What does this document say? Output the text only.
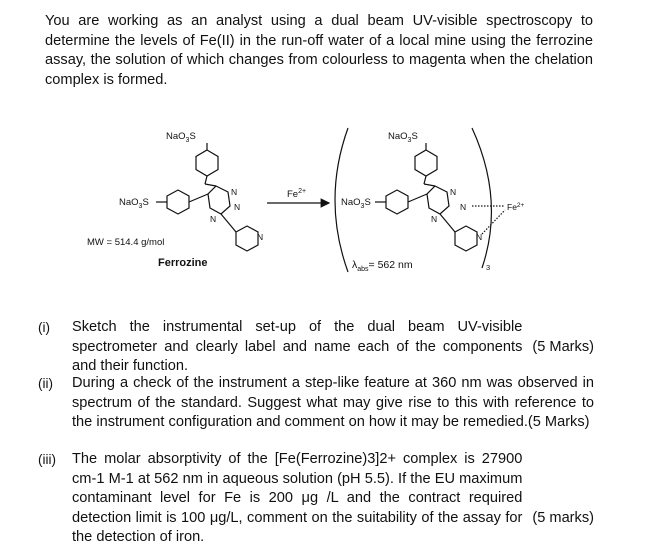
You are working as an analyst using a dual beam UV-visible spectroscopy to determine the levels of Fe(II) in the run-off water of a local mine using the ferrozine assay, the solution of which changes from colourless to magenta when the chelation complex is formed.
NaO$_3$S
NaO$_3$S
N
N
N
N
MW = 514.4 g/mol
Ferrozine
$Fe^{2+}$
NaO$_3$S
NaO$_3$S
N
N
N
N
$Fe^{2+}$
$\lambda_{abs}= 562$ nm	3
(i)
(5 Marks)
Sketch the instrumental set-up of the dual beam UV-visible spectrometer and clearly label and name each of the components and their function.
(ii)	During a check of the instrument a step-like feature at 360 nm was observed in spectrum of the standard. Suggest what may give rise to this with reference to the instrument configuration and comment on how it may be remedied.(5 Marks)
(iii)
(5 marks)
The molar absorptivity of the [Fe(Ferrozine)3]2+ complex is 27900 cm-1 M-1 at 562 nm in aqueous solution (pH 5.5). If the EU maximum contaminant level for Fe is 200 μg /L and the contract required detection limit is 100 μg/L, comment on the suitability of the assay for the detection of iron.
